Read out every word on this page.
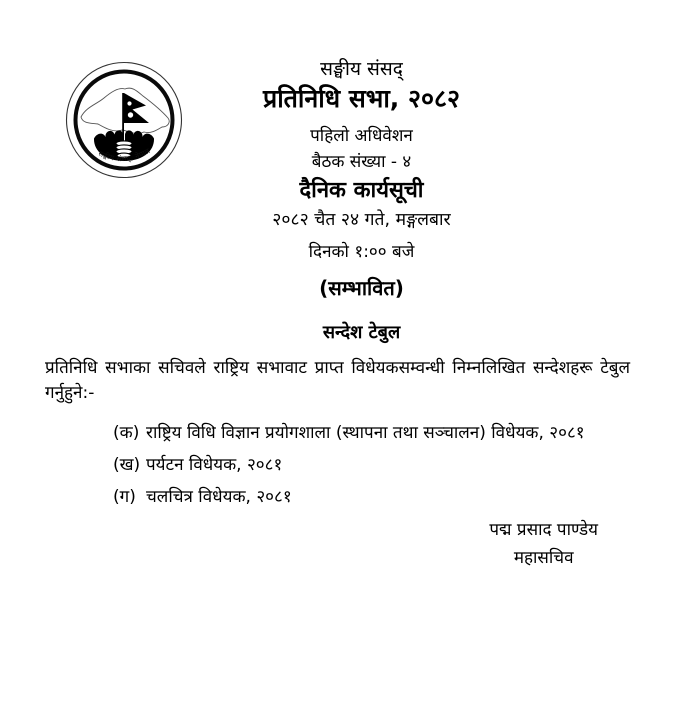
सङ्घीय संसद्, नेपाल
सङ्घीय संसद्
प्रतिनिधि सभा, २०८२
पहिलो अधिवेशन
बैठक संख्या - ४
दैनिक कार्यसूची
२०८२ चैत २४ गते, मङ्गलबार
दिनको १:०० बजे
(सम्भावित)
सन्देश टेबुल

प्रतिनिधि सभाका सचिवले राष्ट्रिय सभावाट प्राप्त विधेयकसम्वन्धी निम्नलिखित सन्देशहरू टेबुल गर्नुहुने:-

(क) राष्ट्रिय विधि विज्ञान प्रयोगशाला (स्थापना तथा सञ्चालन) विधेयक, २०८१
(ख) पर्यटन विधेयक, २०८१
(ग) चलचित्र विधेयक, २०८१
पद्म प्रसाद पाण्डेय
महासचिव
